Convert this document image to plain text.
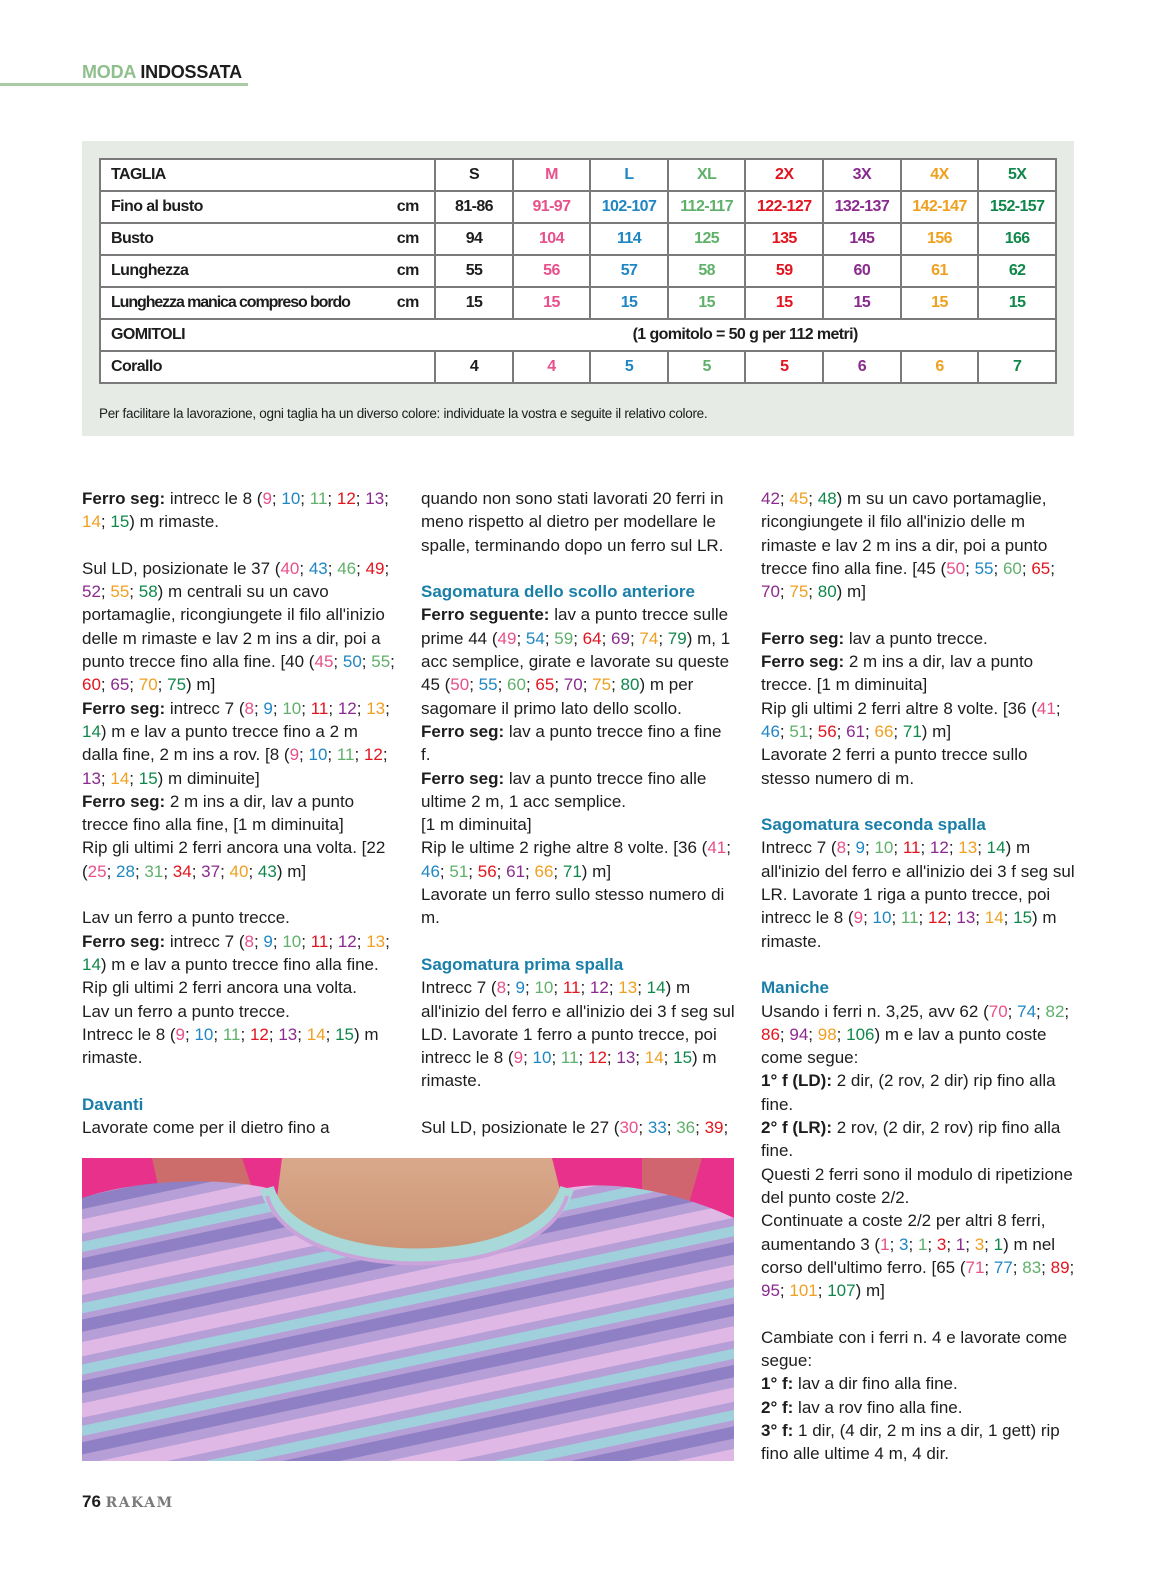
MODA INDOSSATA
TAGLIA		S	M	L	XL	2X	3X	4X	5X
Fino al busto	cm	81-86	91-97	102-107	112-117	122-127	132-137	142-147	152-157
Busto	cm	94	104	114	125	135	145	156	166
Lunghezza	cm	55	56	57	58	59	60	61	62
Lunghezza manica compreso bordo	cm	15	15	15	15	15	15	15	15
GOMITOLI		(1 gomitolo = 50 g per 112 metri)							
Corallo		4	4	5	5	5	6	6	7
Per facilitare la lavorazione, ogni taglia ha un diverso colore: individuate la vostra e seguite il relativo colore.

Ferro seg: intrecc le 8 (9; 10; 11; 12; 13; 14; 15) m rimaste.

Sul LD, posizionate le 37 (40; 43; 46; 49; 52; 55; 58) m centrali su un cavo portamaglie, ricongiungete il filo all'inizio delle m rimaste e lav 2 m ins a dir, poi a punto trecce fino alla fine. [40 (45; 50; 55; 60; 65; 70; 75) m]

Ferro seg: intrecc 7 (8; 9; 10; 11; 12; 13; 14) m e lav a punto trecce fino a 2 m dalla fine, 2 m ins a rov. [8 (9; 10; 11; 12; 13; 14; 15) m diminuite]

Ferro seg: 2 m ins a dir, lav a punto trecce fino alla fine, [1 m diminuita]

Rip gli ultimi 2 ferri ancora una volta. [22 (25; 28; 31; 34; 37; 40; 43) m]

Lav un ferro a punto trecce.

Ferro seg: intrecc 7 (8; 9; 10; 11; 12; 13; 14) m e lav a punto trecce fino alla fine.

Rip gli ultimi 2 ferri ancora una volta.

Lav un ferro a punto trecce.

Intrecc le 8 (9; 10; 11; 12; 13; 14; 15) m rimaste.

Davanti

Lavorate come per il dietro fino a

quando non sono stati lavorati 20 ferri in meno rispetto al dietro per modellare le spalle, terminando dopo un ferro sul LR.

Sagomatura dello scollo anteriore

Ferro seguente: lav a punto trecce sulle prime 44 (49; 54; 59; 64; 69; 74; 79) m, 1 acc semplice, girate e lavorate su queste 45 (50; 55; 60; 65; 70; 75; 80) m per sagomare il primo lato dello scollo.

Ferro seg: lav a punto trecce fino a fine f.

Ferro seg: lav a punto trecce fino alle ultime 2 m, 1 acc semplice.

[1 m diminuita]

Rip le ultime 2 righe altre 8 volte. [36 (41; 46; 51; 56; 61; 66; 71) m]

Lavorate un ferro sullo stesso numero di m.

Sagomatura prima spalla

Intrecc 7 (8; 9; 10; 11; 12; 13; 14) m all'inizio del ferro e all'inizio dei 3 f seg sul LD. Lavorate 1 ferro a punto trecce, poi intrecc le 8 (9; 10; 11; 12; 13; 14; 15) m rimaste.

Sul LD, posizionate le 27 (30; 33; 36; 39;

42; 45; 48) m su un cavo portamaglie, ricongiungete il filo all'inizio delle m rimaste e lav 2 m ins a dir, poi a punto trecce fino alla fine. [45 (50; 55; 60; 65; 70; 75; 80) m]

Ferro seg: lav a punto trecce.

Ferro seg: 2 m ins a dir, lav a punto trecce. [1 m diminuita]

Rip gli ultimi 2 ferri altre 8 volte. [36 (41; 46; 51; 56; 61; 66; 71) m]

Lavorate 2 ferri a punto trecce sullo stesso numero di m.

Sagomatura seconda spalla

Intrecc 7 (8; 9; 10; 11; 12; 13; 14) m all'inizio del ferro e all'inizio dei 3 f seg sul LR. Lavorate 1 riga a punto trecce, poi intrecc le 8 (9; 10; 11; 12; 13; 14; 15) m rimaste.

Maniche

Usando i ferri n. 3,25, avv 62 (70; 74; 82; 86; 94; 98; 106) m e lav a punto coste come segue:

1° f (LD): 2 dir, (2 rov, 2 dir) rip fino alla fine.

2° f (LR): 2 rov, (2 dir, 2 rov) rip fino alla fine.

Questi 2 ferri sono il modulo di ripetizione del punto coste 2/2.

Continuate a coste 2/2 per altri 8 ferri, aumentando 3 (1; 3; 1; 3; 1; 3; 1) m nel corso dell'ultimo ferro. [65 (71; 77; 83; 89; 95; 101; 107) m]

Cambiate con i ferri n. 4 e lavorate come segue:

1° f: lav a dir fino alla fine.

2° f: lav a rov fino alla fine.

3° f: 1 dir, (4 dir, 2 m ins a dir, 1 gett) rip fino alle ultime 4 m, 4 dir.

76 RAKAM
